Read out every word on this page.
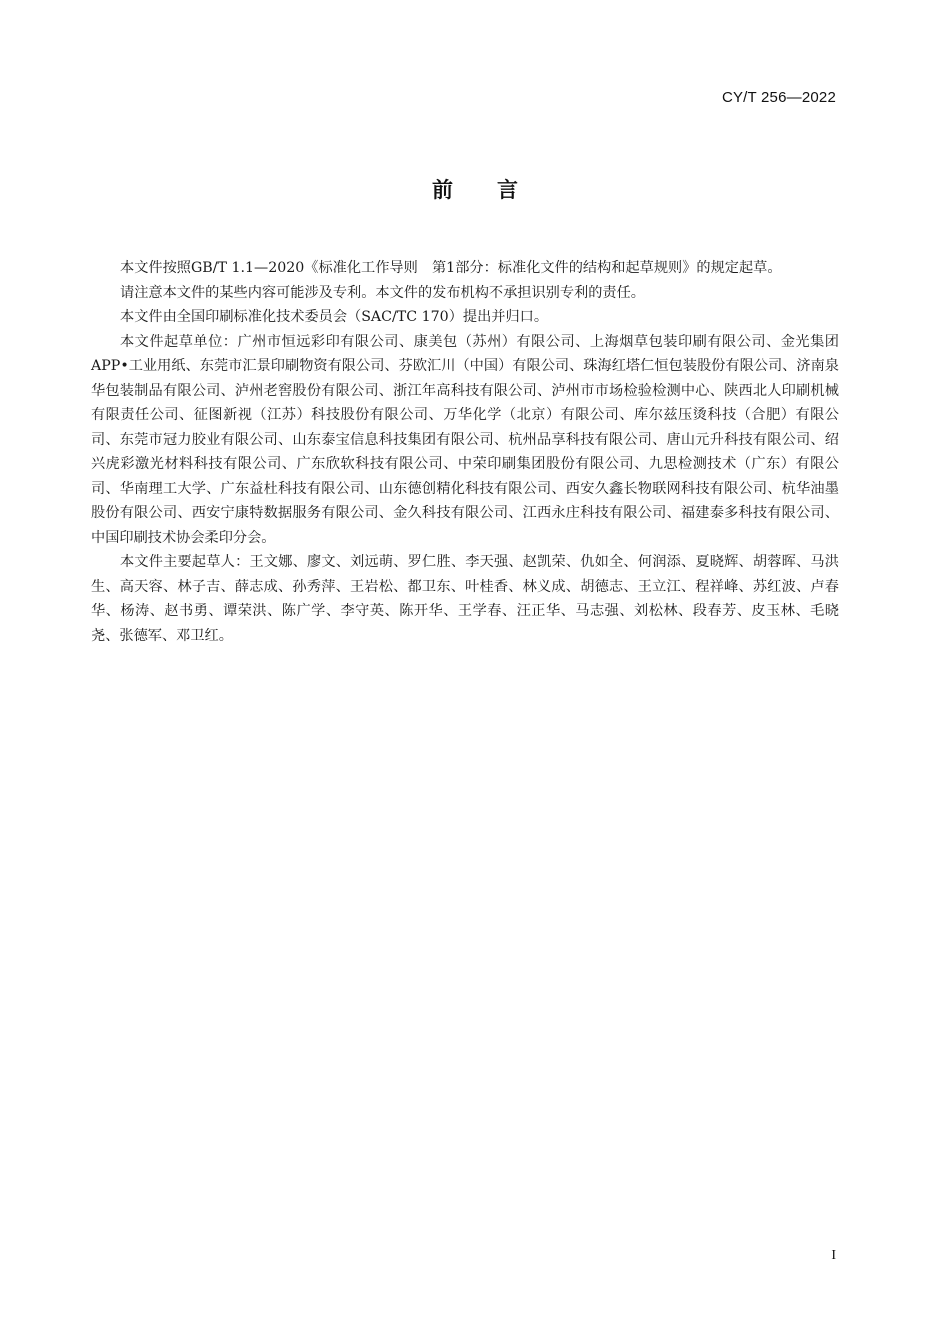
CY/T 256—2022
前 言

本文件按照GB/T 1.1—2020《标准化工作导则　第1部分：标准化文件的结构和起草规则》的规定起草。

请注意本文件的某些内容可能涉及专利。本文件的发布机构不承担识别专利的责任。

本文件由全国印刷标准化技术委员会（SAC/TC 170）提出并归口。

本文件起草单位：广州市恒远彩印有限公司、康美包（苏州）有限公司、上海烟草包装印刷有限公司、金光集团APP•工业用纸、东莞市汇景印刷物资有限公司、芬欧汇川（中国）有限公司、珠海红塔仁恒包装股份有限公司、济南泉华包装制品有限公司、泸州老窖股份有限公司、浙江年高科技有限公司、泸州市市场检验检测中心、陕西北人印刷机械有限责任公司、征图新视（江苏）科技股份有限公司、万华化学（北京）有限公司、库尔兹压烫科技（合肥）有限公司、东莞市冠力胶业有限公司、山东泰宝信息科技集团有限公司、杭州品享科技有限公司、唐山元升科技有限公司、绍兴虎彩激光材料科技有限公司、广东欣软科技有限公司、中荣印刷集团股份有限公司、九思检测技术（广东）有限公司、华南理工大学、广东益杜科技有限公司、山东德创精化科技有限公司、西安久鑫长物联网科技有限公司、杭华油墨股份有限公司、西安宁康特数据服务有限公司、金久科技有限公司、江西永庄科技有限公司、福建泰多科技有限公司、中国印刷技术协会柔印分会。

本文件主要起草人：王文娜、廖文、刘远萌、罗仁胜、李天强、赵凯荣、仇如全、何润添、夏晓辉、胡蓉晖、马洪生、高天容、林子吉、薛志成、孙秀萍、王岩松、都卫东、叶桂香、林义成、胡德志、王立江、程祥峰、苏红波、卢春华、杨涛、赵书勇、谭荣洪、陈广学、李守英、陈开华、王学春、汪正华、马志强、刘松林、段春芳、皮玉林、毛晓尧、张德军、邓卫红。

I
